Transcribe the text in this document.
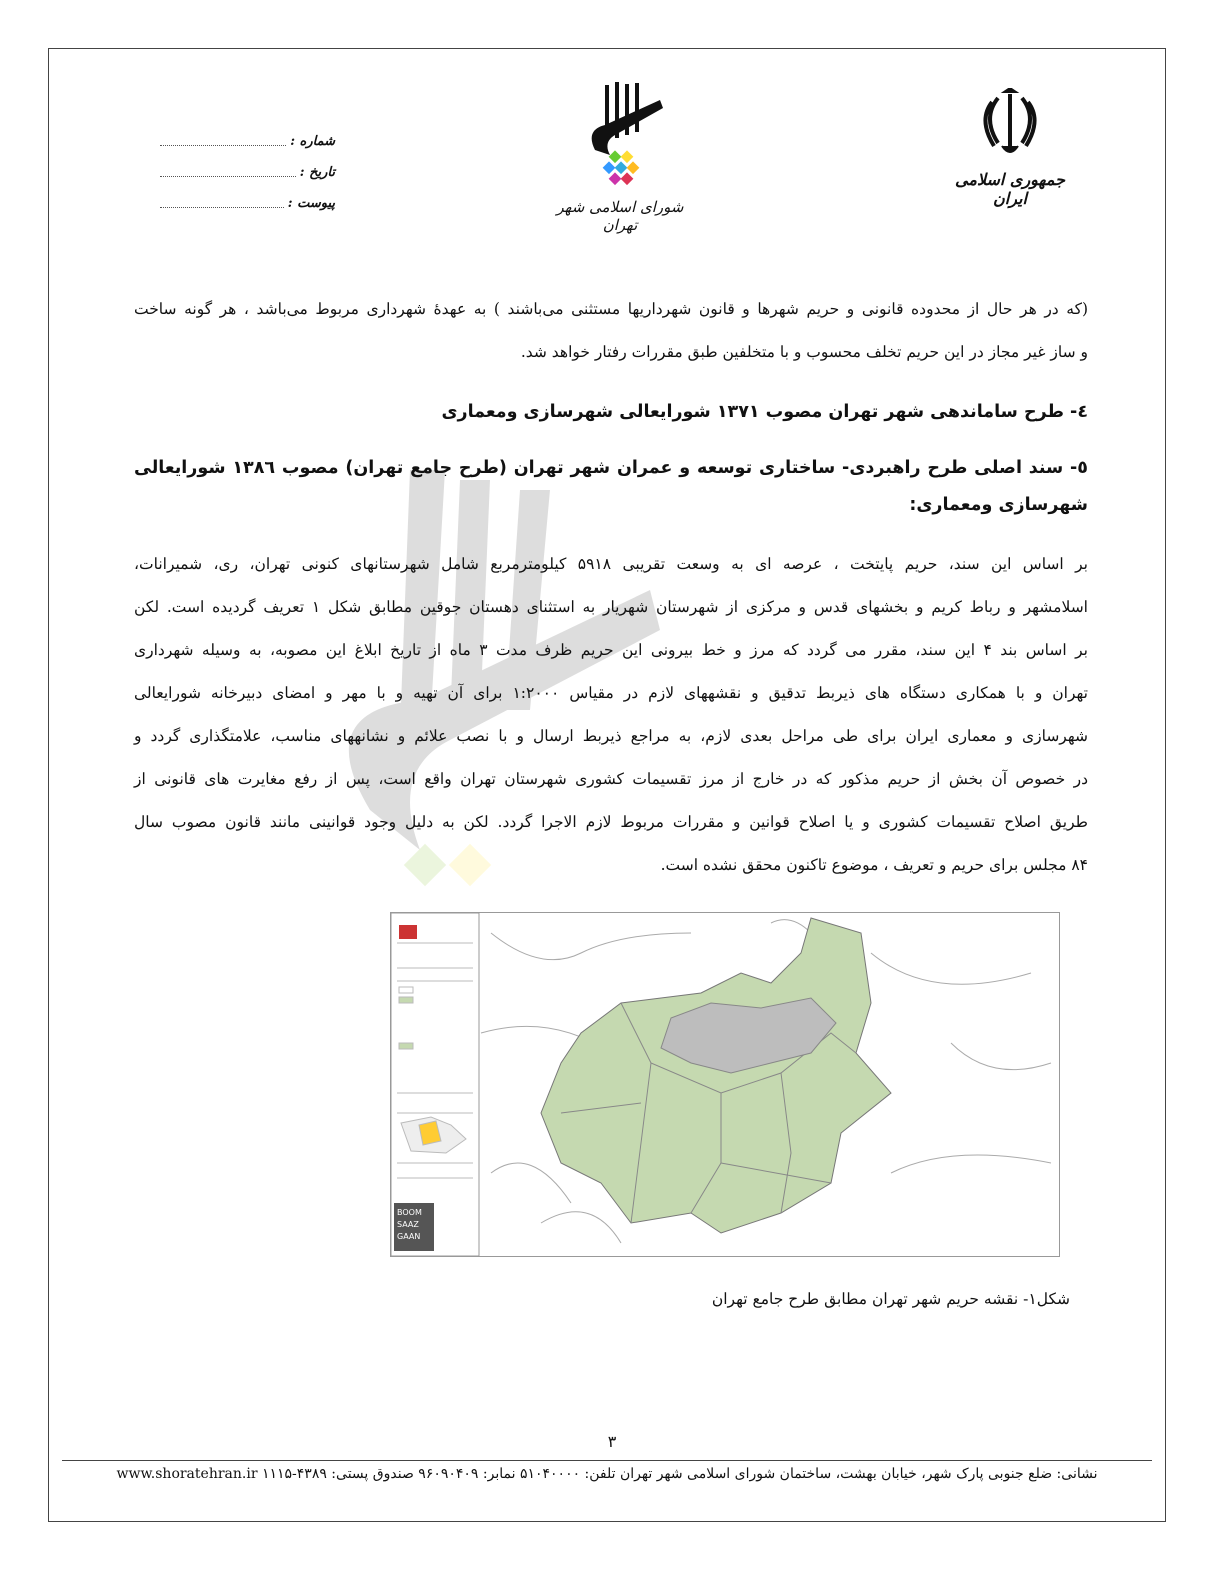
شماره :
تاریخ :
پیوست :	شورای اسلامی شهر تهران
جمهوری اسلامی ایران
(که در هر حال از محدوده قانونی و حریم شهرها و قانون شهرداریها مستثنی می‌باشند ) به عهدهٔ شهرداری مربوط می‌باشد ، هر گونه ساخت
و ساز غیر مجاز در این حریم تخلف محسوب و با متخلفین طبق مقررات رفتار خواهد شد.
٤- طرح ساماندهی شهر تهران مصوب ۱۳۷۱ شورایعالی شهرسازی ومعماری
٥- سند اصلی طرح راهبردی- ساختاری توسعه و عمران شهر تهران (طرح جامع تهران) مصوب ۱۳۸٦ شورایعالی
شهرسازی ومعماری:
بر اساس این سند، حریم پایتخت ، عرصه ای به وسعت تقریبی ۵۹۱۸ کیلومترمربع شامل شهرستانهای کنونی تهران، ری، شمیرانات،
اسلامشهر و رباط کریم و بخشهای قدس و مرکزی از شهرستان شهریار به استثنای دهستان جوقین مطابق شکل ۱ تعریف گردیده است. لکن
بر اساس بند ۴ این سند، مقرر می گردد که مرز و خط بیرونی این حریم ظرف مدت ۳ ماه از تاریخ ابلاغ این مصوبه، به وسیله شهرداری
تهران و با همکاری دستگاه های ذیربط تدقیق و نقشههای لازم در مقیاس ۱:۲۰۰۰ برای آن تهیه و با مهر و امضای دبیرخانه شورایعالی
شهرسازی و معماری ایران برای طی مراحل بعدی لازم، به مراجع ذیربط ارسال و با نصب علائم و نشانههای مناسب، علامتگذاری گردد و
در خصوص آن بخش از حریم مذکور که در خارج از مرز تقسیمات کشوری شهرستان تهران واقع است، پس از رفع مغایرت های قانونی از
طریق اصلاح تقسیمات کشوری و یا اصلاح قوانین و مقررات مربوط لازم الاجرا گردد. لکن به دلیل وجود قوانینی مانند قانون مصوب سال
۸۴ مجلس برای حریم و تعریف ، موضوع تاکنون محقق نشده است.
BOOM
SAAZ
GAAN
شکل۱- نقشه حریم شهر تهران مطابق طرح جامع تهران
۳
نشانی: ضلع جنوبی پارک شهر، خیابان بهشت، ساختمان شورای اسلامی شهر تهران تلفن: ۵۱۰۴۰۰۰۰ نمابر: ۹۶۰۹۰۴۰۹ صندوق پستی: ۴۳۸۹-۱۱۱۵ www.shoratehran.ir
